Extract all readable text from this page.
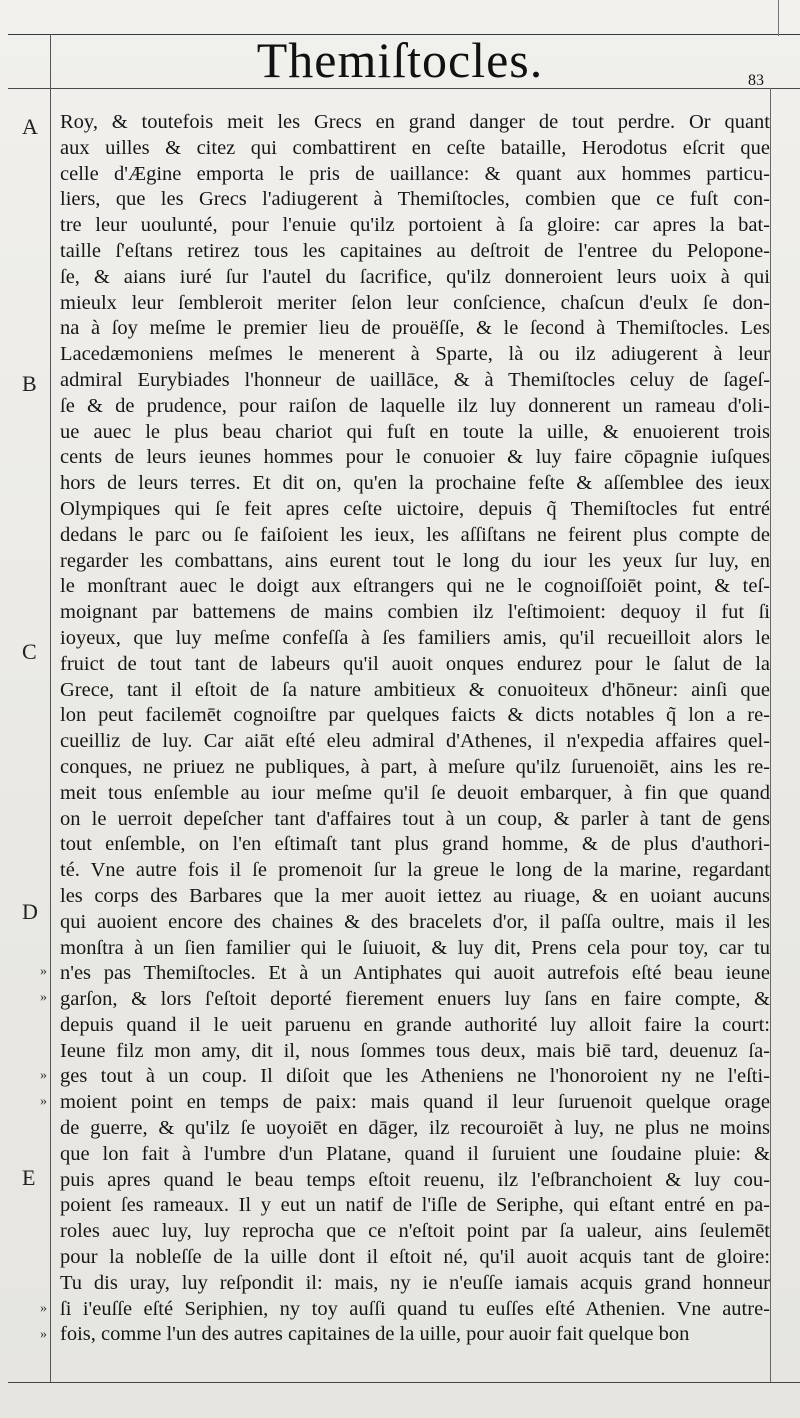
Themiſtocles.	83
A
B
C
D
E
»
»
»
»
»
»
Roy, & toutefois meit les Grecs en grand danger de tout perdre. Or quant
aux uilles & citez qui combattirent en ceſte bataille, Herodotus eſcrit que
celle d'Ægine emporta le pris de uaillance: & quant aux hommes particu-
liers, que les Grecs l'adiugerent à Themiſtocles, combien que ce fuſt con-
tre leur uoulunté, pour l'enuie qu'ilz portoient à ſa gloire: car apres la bat-
taille ſ'eſtans retirez tous les capitaines au deſtroit de l'entree du Pelopone-
ſe, & aians iuré ſur l'autel du ſacrifice, qu'ilz donneroient leurs uoix à qui
mieulx leur ſembleroit meriter ſelon leur conſcience, chaſcun d'eulx ſe don-
na à ſoy meſme le premier lieu de prouëſſe, & le ſecond à Themiſtocles. Les
Lacedæmoniens meſmes le menerent à Sparte, là ou ilz adiugerent à leur
admiral Eurybiades l'honneur de uaillāce, & à Themiſtocles celuy de ſageſ-
ſe & de prudence, pour raiſon de laquelle ilz luy donnerent un rameau d'oli-
ue auec le plus beau chariot qui fuſt en toute la uille, & enuoierent trois
cents de leurs ieunes hommes pour le conuoier & luy faire cōpagnie iuſques
hors de leurs terres. Et dit on, qu'en la prochaine feſte & aſſemblee des ieux
Olympiques qui ſe feit apres ceſte uictoire, depuis q̃ Themiſtocles fut entré
dedans le parc ou ſe faiſoient les ieux, les aſſiſtans ne feirent plus compte de
regarder les combattans, ains eurent tout le long du iour les yeux ſur luy, en
le monſtrant auec le doigt aux eſtrangers qui ne le cognoiſſoiēt point, & teſ-
moignant par battemens de mains combien ilz l'eſtimoient: dequoy il fut ſi
ioyeux, que luy meſme confeſſa à ſes familiers amis, qu'il recueilloit alors le
fruict de tout tant de labeurs qu'il auoit onques endurez pour le ſalut de la
Grece, tant il eſtoit de ſa nature ambitieux & conuoiteux d'hōneur: ainſi que
lon peut facilemēt cognoiſtre par quelques faicts & dicts notables q̃ lon a re-
cueilliz de luy. Car aiāt eſté eleu admiral d'Athenes, il n'expedia affaires quel-
conques, ne priuez ne publiques, à part, à meſure qu'ilz ſuruenoiēt, ains les re-
meit tous enſemble au iour meſme qu'il ſe deuoit embarquer, à fin que quand
on le uerroit depeſcher tant d'affaires tout à un coup, & parler à tant de gens
tout enſemble, on l'en eſtimaſt tant plus grand homme, & de plus d'authori-
té. Vne autre fois il ſe promenoit ſur la greue le long de la marine, regardant
les corps des Barbares que la mer auoit iettez au riuage, & en uoiant aucuns
qui auoient encore des chaines & des bracelets d'or, il paſſa oultre, mais il les
monſtra à un ſien familier qui le ſuiuoit, & luy dit, Prens cela pour toy, car tu
n'es pas Themiſtocles. Et à un Antiphates qui auoit autrefois eſté beau ieune
garſon, & lors ſ'eſtoit deporté fierement enuers luy ſans en faire compte, &
depuis quand il le ueit paruenu en grande authorité luy alloit faire la court:
Ieune filz mon amy, dit il, nous ſommes tous deux, mais biē tard, deuenuz ſa-
ges tout à un coup. Il diſoit que les Atheniens ne l'honoroient ny ne l'eſti-
moient point en temps de paix: mais quand il leur ſuruenoit quelque orage
de guerre, & qu'ilz ſe uoyoiēt en dāger, ilz recouroiēt à luy, ne plus ne moins
que lon fait à l'umbre d'un Platane, quand il ſuruient une ſoudaine pluie: &
puis apres quand le beau temps eſtoit reuenu, ilz l'eſbranchoient & luy cou-
poient ſes rameaux. Il y eut un natif de l'iſle de Seriphe, qui eſtant entré en pa-
roles auec luy, luy reprocha que ce n'eſtoit point par ſa ualeur, ains ſeulemēt
pour la nobleſſe de la uille dont il eſtoit né, qu'il auoit acquis tant de gloire:
Tu dis uray, luy reſpondit il: mais, ny ie n'euſſe iamais acquis grand honneur
ſi i'euſſe eſté Seriphien, ny toy auſſi quand tu euſſes eſté Athenien. Vne autre-
fois, comme l'un des autres capitaines de la uille, pour auoir fait quelque bon
